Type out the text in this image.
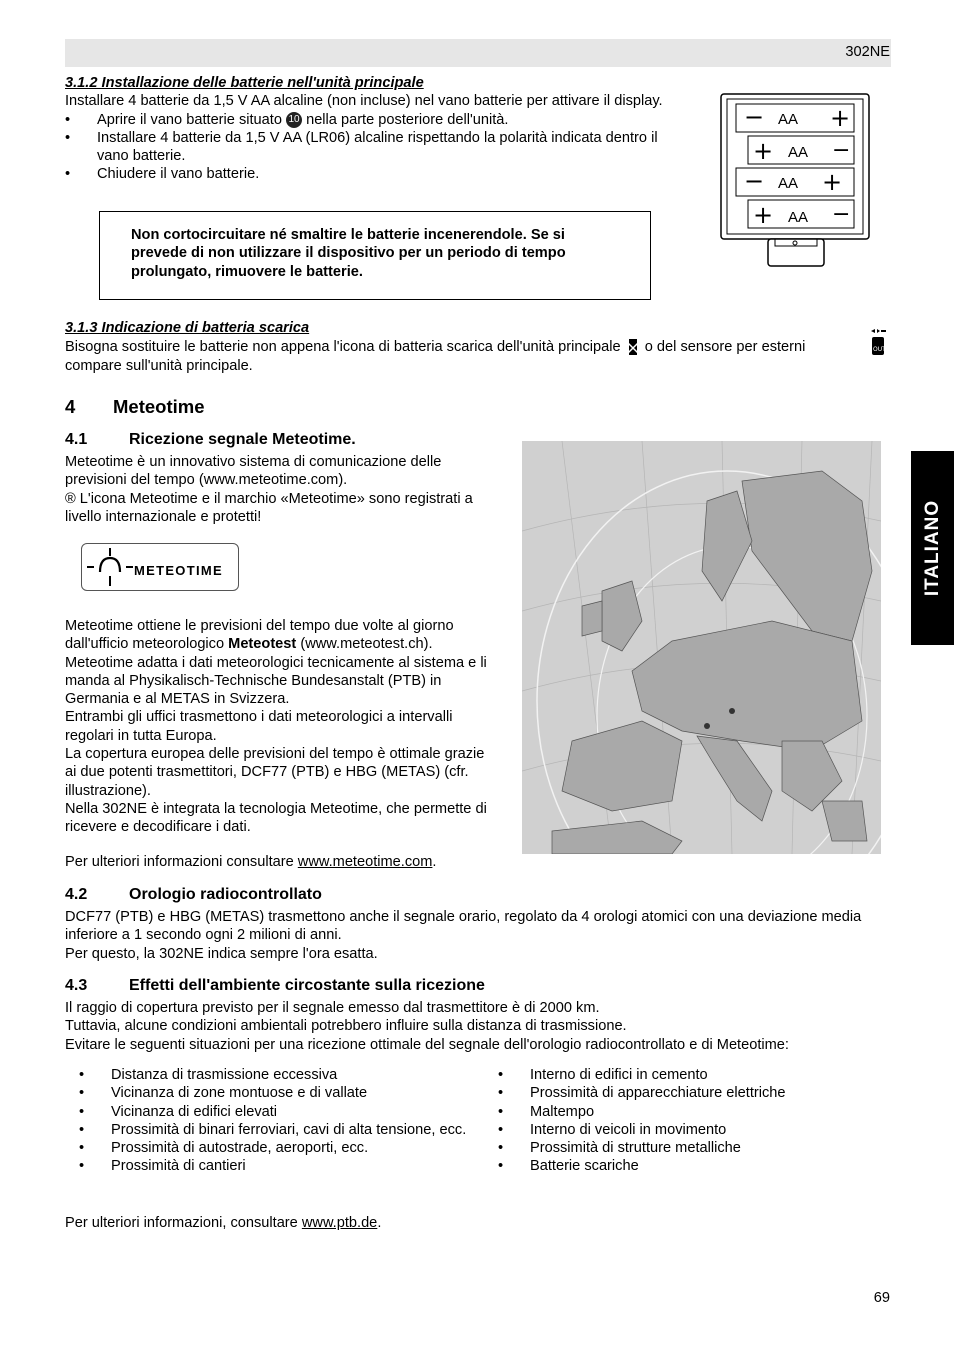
302NE
ITALIANO

3.1.2 Installazione delle batterie nell'unità principale

Installare 4 batterie da 1,5 V AA alcaline (non incluse) nel vano batterie per attivare il display.

• Aprire il vano batterie situato 10 nella parte posteriore dell'unità.
• Installare 4 batterie da 1,5 V AA (LR06) alcaline rispettando la polarità indicata dentro il vano batterie.
• Chiudere il vano batterie.
−	+
AA
+	−
AA
− +
AA
+	−
AA

Non cortocircuitare né smaltire le batterie incenerendole. Se si prevede di non utilizzare il dispositivo per un periodo di tempo prolungato, rimuovere le batterie.

3.1.3 Indicazione di batteria scarica

Bisogna sostituire le batterie non appena l'icona di batteria scarica dell'unità principale o del sensore per esterni

compare sull'unità principale.

OUT
4 Meteotime
4.1	Ricezione segnale Meteotime.

Meteotime è un innovativo sistema di comunicazione delle previsioni del tempo (www.meteotime.com).

® L'icona Meteotime e il marchio «Meteotime» sono registrati a livello internazionale e protetti!

METEOTIME

Meteotime ottiene le previsioni del tempo due volte al giorno dall'ufficio meteorologico Meteotest (www.meteotest.ch).

Meteotime adatta i dati meteorologici tecnicamente al sistema e li manda al Physikalisch-Technische Bundesanstalt (PTB) in Germania e al METAS in Svizzera.

Entrambi gli uffici trasmettono i dati meteorologici a intervalli regolari in tutta Europa.

La copertura europea delle previsioni del tempo è ottimale grazie ai due potenti trasmettitori, DCF77 (PTB) e HBG (METAS) (cfr. illustrazione).

Nella 302NE è integrata la tecnologia Meteotime, che permette di ricevere e decodificare i dati.

Per ulteriori informazioni consultare www.meteotime.com.

4.2	Orologio radiocontrollato

DCF77 (PTB) e HBG (METAS) trasmettono anche il segnale orario, regolato da 4 orologi atomici con una deviazione media inferiore a 1 secondo ogni 2 milioni di anni.

Per questo, la 302NE indica sempre l'ora esatta.

4.3	Effetti dell'ambiente circostante sulla ricezione

Il raggio di copertura previsto per il segnale emesso dal trasmettitore è di 2000 km.

Tuttavia, alcune condizioni ambientali potrebbero influire sulla distanza di trasmissione.

Evitare le seguenti situazioni per una ricezione ottimale del segnale dell'orologio radiocontrollato e di Meteotime:

• Distanza di trasmissione eccessiva
• Vicinanza di zone montuose e di vallate
• Vicinanza di edifici elevati
• Prossimità di binari ferroviari, cavi di alta tensione, ecc.
• Prossimità di autostrade, aeroporti, ecc.
• Prossimità di cantieri
• Interno di edifici in cemento
• Prossimità di apparecchiature elettriche
• Maltempo
• Interno di veicoli in movimento
• Prossimità di strutture metalliche
• Batterie scariche

Per ulteriori informazioni, consultare www.ptb.de.

69
